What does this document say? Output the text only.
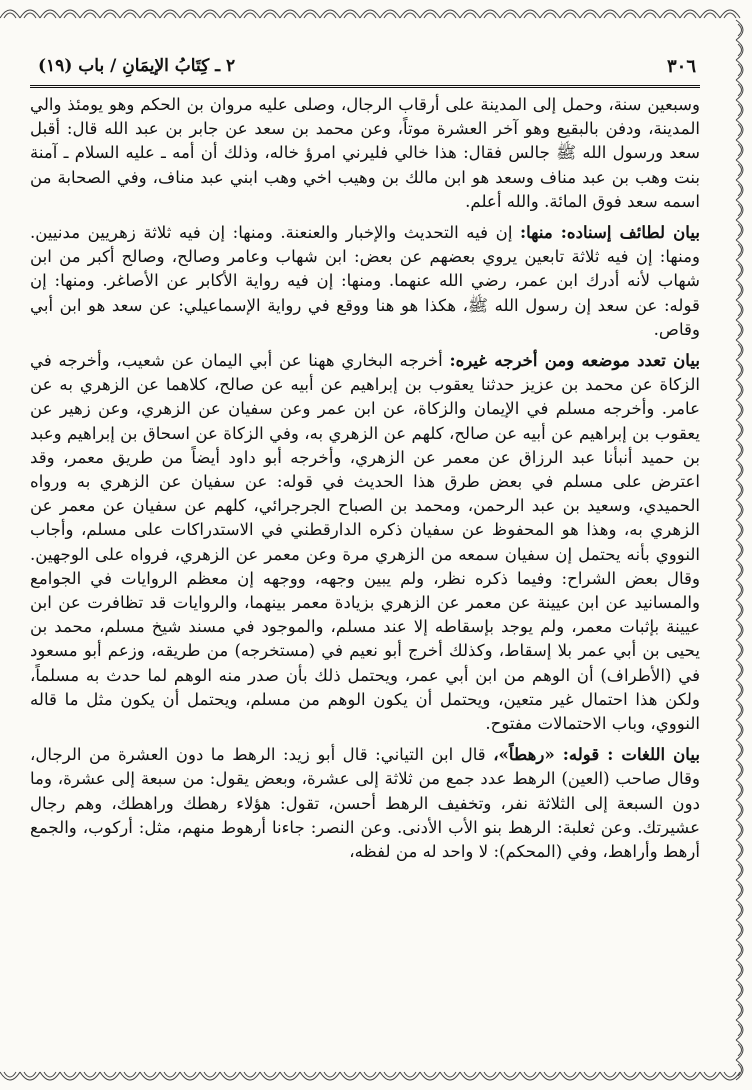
٣٠٦
٢ ـ كِتَابُ الإيمَانِ / باب (١٩)

وسبعين سنة، وحمل إلى المدينة على أرقاب الرجال، وصلى عليه مروان بن الحكم وهو يومئذ والي المدينة، ودفن بالبقيع وهو آخر العشرة موتاً، وعن محمد بن سعد عن جابر بن عبد الله قال: أقبل سعد ورسول الله ﷺ جالس فقال: هذا خالي فليرني امرؤ خاله، وذلك أن أمه ـ عليه السلام ـ آمنة بنت وهب بن عبد مناف وسعد هو ابن مالك بن وهيب اخي وهب ابني عبد مناف، وفي الصحابة من اسمه سعد فوق المائة. والله أعلم.

بيان لطائف إسناده: منها: إن فيه التحديث والإخبار والعنعنة. ومنها: إن فيه ثلاثة زهريين مدنيين. ومنها: إن فيه ثلاثة تابعين يروي بعضهم عن بعض: ابن شهاب وعامر وصالح، وصالح أكبر من ابن شهاب لأنه أدرك ابن عمر، رضي الله عنهما. ومنها: إن فيه رواية الأكابر عن الأصاغر. ومنها: إن قوله: عن سعد إن رسول الله ﷺ، هكذا هو هنا ووقع في رواية الإسماعيلي: عن سعد هو ابن أبي وقاص.

بيان تعدد موضعه ومن أخرجه غيره: أخرجه البخاري ههنا عن أبي اليمان عن شعيب، وأخرجه في الزكاة عن محمد بن عزيز حدثنا يعقوب بن إبراهيم عن أبيه عن صالح، كلاهما عن الزهري به عن عامر. وأخرجه مسلم في الإيمان والزكاة، عن ابن عمر وعن سفيان عن الزهري، وعن زهير عن يعقوب بن إبراهيم عن أبيه عن صالح، كلهم عن الزهري به، وفي الزكاة عن اسحاق بن إبراهيم وعبد بن حميد أنبأنا عبد الرزاق عن معمر عن الزهري، وأخرجه أبو داود أيضاً من طريق معمر، وقد اعترض على مسلم في بعض طرق هذا الحديث في قوله: عن سفيان عن الزهري به ورواه الحميدي، وسعيد بن عبد الرحمن، ومحمد بن الصباح الجرجرائي، كلهم عن سفيان عن معمر عن الزهري به، وهذا هو المحفوظ عن سفيان ذكره الدارقطني في الاستدراكات على مسلم، وأجاب النووي بأنه يحتمل إن سفيان سمعه من الزهري مرة وعن معمر عن الزهري، فرواه على الوجهين. وقال بعض الشراح: وفيما ذكره نظر، ولم يبين وجهه، ووجهه إن معظم الروايات في الجوامع والمسانيد عن ابن عيينة عن معمر عن الزهري بزيادة معمر بينهما، والروايات قد تظافرت عن ابن عيينة بإثبات معمر، ولم يوجد بإسقاطه إلا عند مسلم، والموجود في مسند شيخ مسلم، محمد بن يحيى بن أبي عمر بلا إسقاط، وكذلك أخرج أبو نعيم في (مستخرجه) من طريقه، وزعم أبو مسعود في (الأطراف) أن الوهم من ابن أبي عمر، ويحتمل ذلك بأن صدر منه الوهم لما حدث به مسلماً، ولكن هذا احتمال غير متعين، ويحتمل أن يكون الوهم من مسلم، ويحتمل أن يكون مثل ما قاله النووي، وباب الاحتمالات مفتوح.

بيان اللغات : قوله: «رهطاً»، قال ابن التياني: قال أبو زيد: الرهط ما دون العشرة من الرجال، وقال صاحب (العين) الرهط عدد جمع من ثلاثة إلى عشرة، وبعض يقول: من سبعة إلى عشرة، وما دون السبعة إلى الثلاثة نفر، وتخفيف الرهط أحسن، تقول: هؤلاء رهطك وراهطك، وهم رجال عشيرتك. وعن ثعلبة: الرهط بنو الأب الأدنى. وعن النصر: جاءنا أرهوط منهم، مثل: أركوب، والجمع أرهط وأراهط، وفي (المحكم): لا واحد له من لفظه،
